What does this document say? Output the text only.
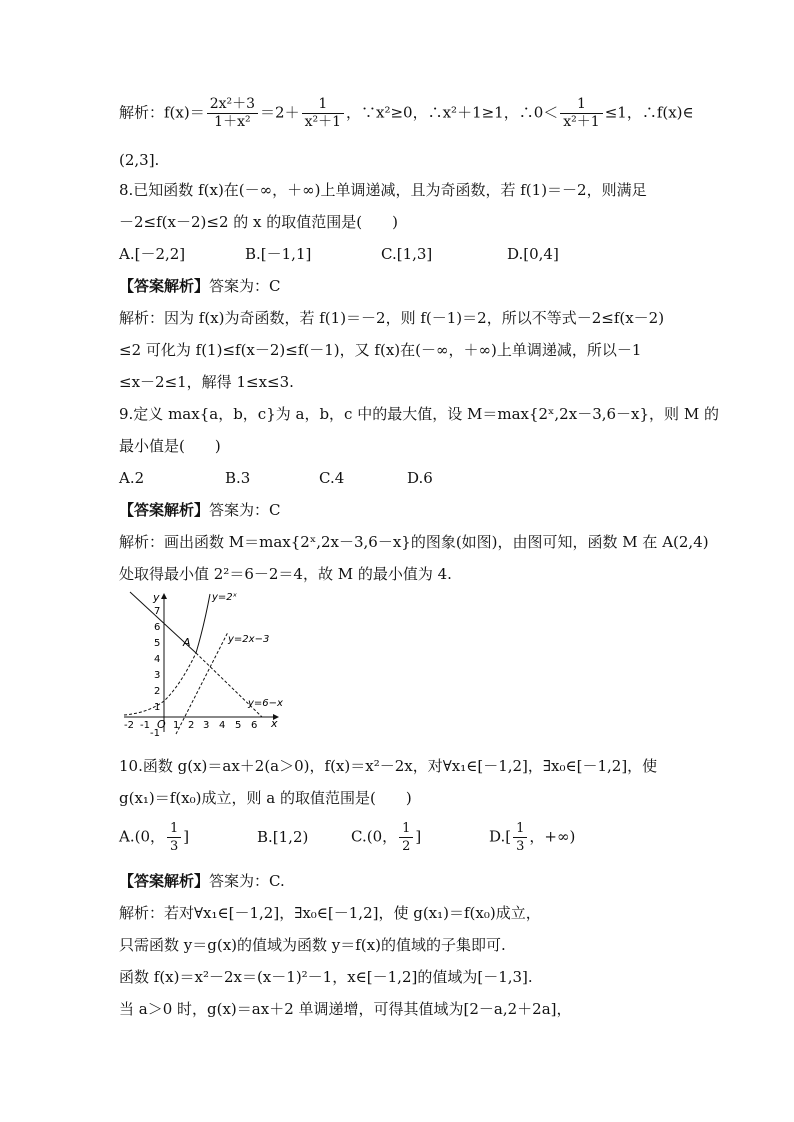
解析：$f(x)= \frac{\text{2x²＋3}}{\text{1＋x²}} =2+ \frac{1}{\text{x²＋1}}$ ，∵x²≥0，∴x²＋1≥1，∴0＜ $\frac{1}{\text{x²＋1}} \le 1$，∴f(x)∈
(2,3].
8.已知函数 f(x)在(－∞，＋∞)上单调递减，且为奇函数，若 f(1)＝－2，则满足
－2≤f(x－2)≤2 的 x 的取值范围是(　　)
A.[－2,2]	B.[－1,1]	C.[1,3]	D.[0,4]
【答案解析】答案为：C
解析：因为 f(x)为奇函数，若 f(1)＝－2，则 f(－1)＝2，所以不等式－2≤f(x－2)
≤2 可化为 f(1)≤f(x－2)≤f(－1)，又 f(x)在(－∞，＋∞)上单调递减，所以－1
≤x－2≤1，解得 1≤x≤3.
9.定义 max{a，b，c}为 a，b，c 中的最大值，设 M＝max{2ˣ,2x－3,6－x}，则 M 的
最小值是(　　)
A.2	B.3	C.4	D.6
【答案解析】答案为：C
解析：画出函数 M＝max{2ˣ,2x－3,6－x}的图象(如图)，由图可知，函数 M 在 A(2,4)
处取得最小值 2²＝6－2＝4，故 M 的最小值为 4.
x
y
O
7
6
5
4
3
2
1
-1
-2 -1 1 2 3 4 5 6
A
y=2ˣ
y=2x−3
y=6−x
10.函数 g(x)＝ax＋2(a＞0)，f(x)＝x²－2x，对∀x₁∈[－1,2]，∃x₀∈[－1,2]，使
g(x₁)＝f(x₀)成立，则 a 的取值范围是(　　)
A.(0， $\frac{1}{3}$ ]	B.[1,2)	C.(0， $\frac{1}{2}$ ]	$D.[ \frac{1}{3}$ ，+∞)
【答案解析】答案为：C.
解析：若对∀x₁∈[－1,2]，∃x₀∈[－1,2]，使 g(x₁)＝f(x₀)成立，
只需函数 y＝g(x)的值域为函数 y＝f(x)的值域的子集即可.
函数 f(x)＝x²－2x＝(x－1)²－1，x∈[－1,2]的值域为[－1,3].
当 a＞0 时，g(x)＝ax＋2 单调递增，可得其值域为[2－a,2＋2a]，
